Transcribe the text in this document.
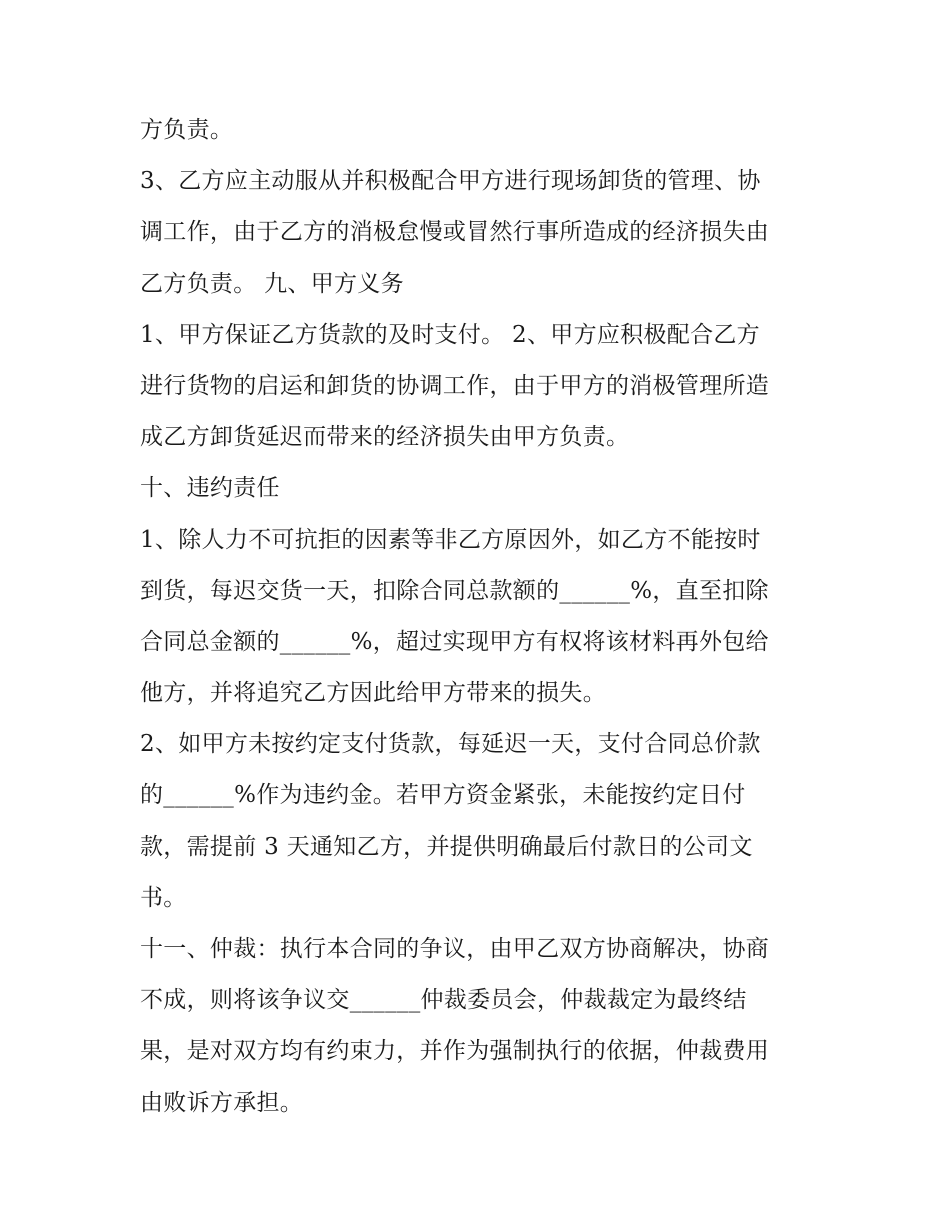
方负责。
3、乙方应主动服从并积极配合甲方进行现场卸货的管理、协
调工作，由于乙方的消极怠慢或冒然行事所造成的经济损失由
乙方负责。 九、甲方义务
1、甲方保证乙方货款的及时支付。 2、甲方应积极配合乙方
进行货物的启运和卸货的协调工作，由于甲方的消极管理所造
成乙方卸货延迟而带来的经济损失由甲方负责。
十、违约责任
1、除人力不可抗拒的因素等非乙方原因外，如乙方不能按时
到货，每迟交货一天，扣除合同总款额的______%，直至扣除
合同总金额的______%，超过实现甲方有权将该材料再外包给
他方，并将追究乙方因此给甲方带来的损失。
2、如甲方未按约定支付货款，每延迟一天，支付合同总价款
的______%作为违约金。若甲方资金紧张，未能按约定日付
款，需提前 3 天通知乙方，并提供明确最后付款日的公司文
书。
十一、仲裁：执行本合同的争议，由甲乙双方协商解决，协商
不成，则将该争议交______仲裁委员会，仲裁裁定为最终结
果，是对双方均有约束力，并作为强制执行的依据，仲裁费用
由败诉方承担。
